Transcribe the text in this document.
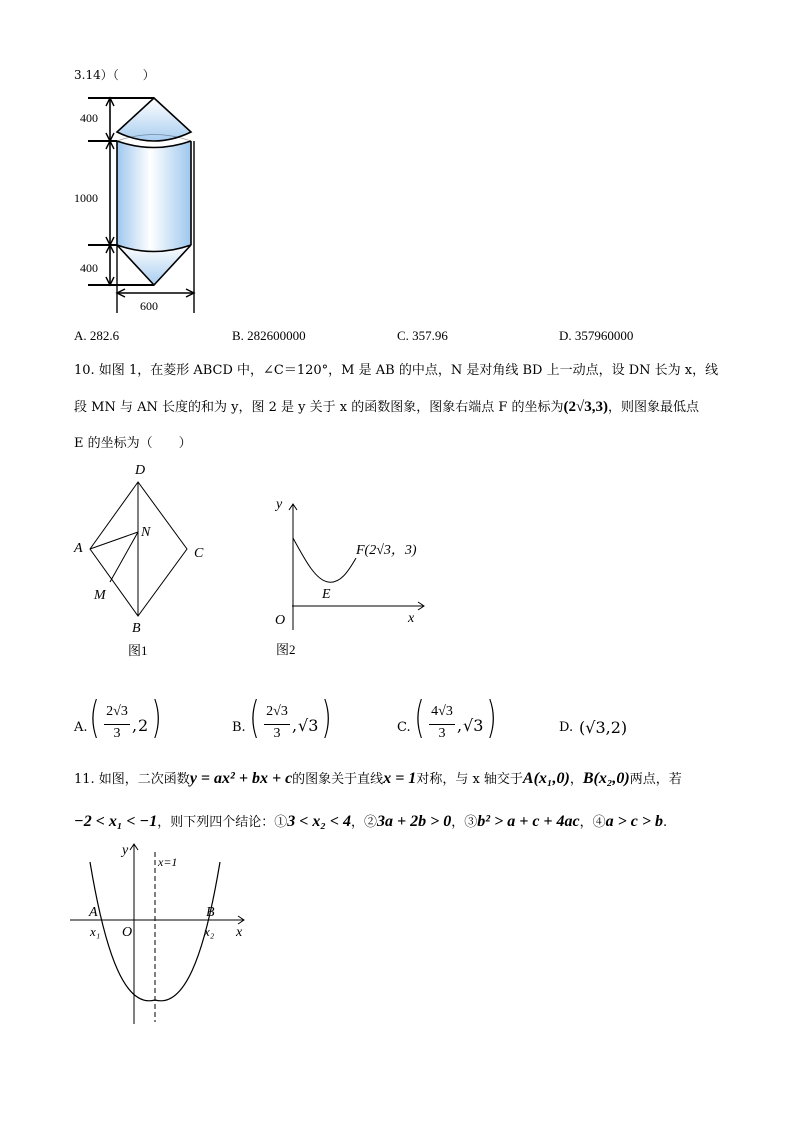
3.14）（　　）
400
1000
400
600
A. 282.6	B. 282600000	C. 357.96	D. 357960000
10. 如图 1，在菱形 ABCD 中，∠C＝120°，M 是 AB 的中点，N 是对角线 BD 上一动点，设 DN 长为 x，线
段 MN 与 AN 长度的和为 y，图 2 是 y 关于 x 的函数图象，图象右端点 F 的坐标为(2√3,3)，则图象最低点
E 的坐标为（　　）
D
A
N
C
M
B
图1
y
O	x
E
F(2√3，3)
图2
A. ( 2√3
3 , 2 )	B. ( 2√3
3 , √3 )	C. ( 4√3
3 , √3 )	D. (√3,2)
11. 如图，二次函数y = ax² + bx + c的图象关于直线x = 1对称，与 x 轴交于A(x₁,0)，B(x₂,0)两点，若
−2 < x₁ < −1，则下列四个结论：①3 < x₂ < 4，②3a + 2b > 0，③b² > a + c + 4ac，④a > c > b.
y
x=1
A	B
x₁ O	x₂ x
